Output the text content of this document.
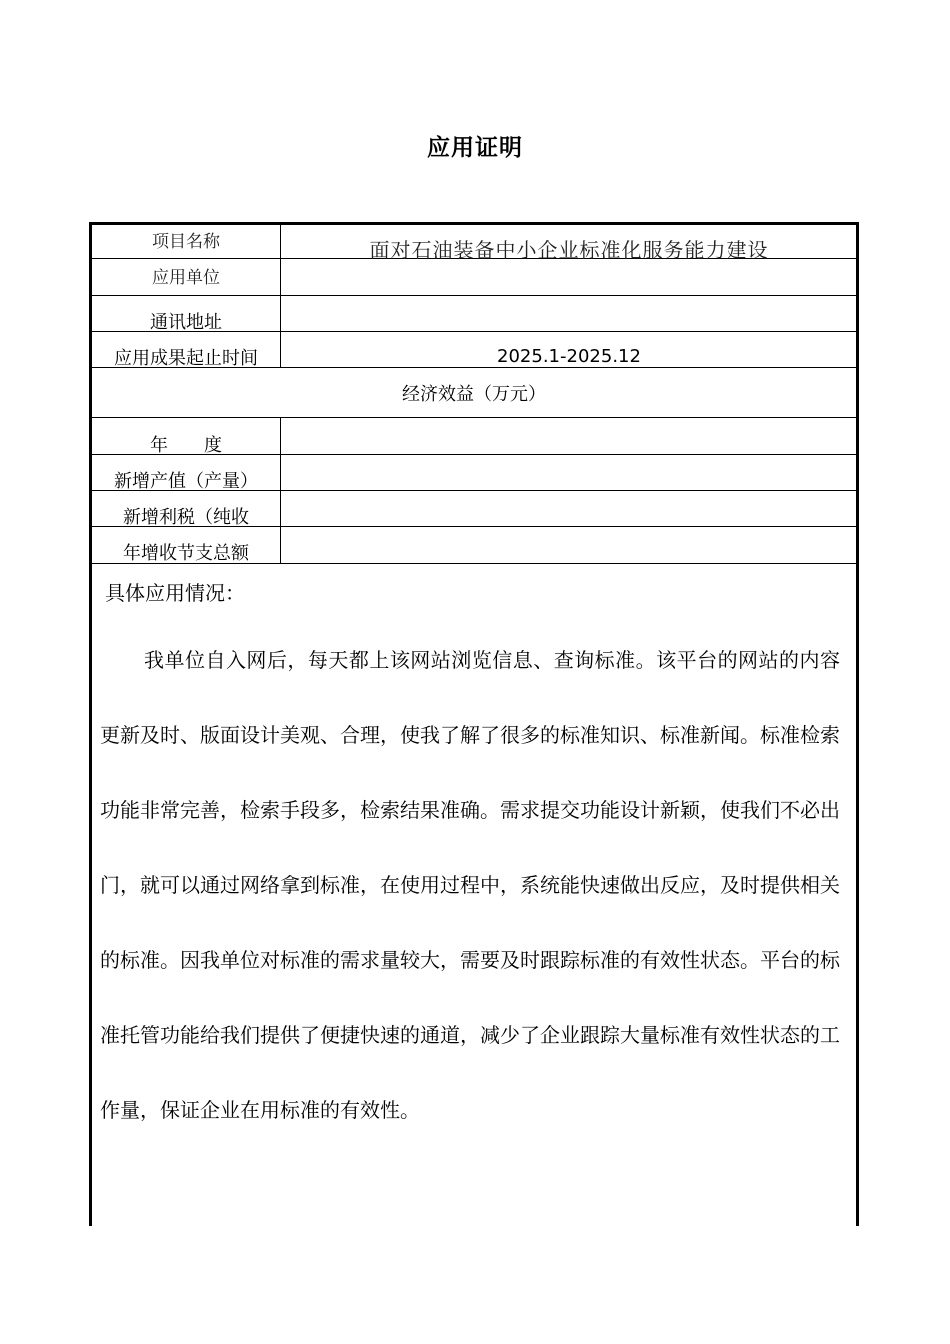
应用证明
项目名称	面对石油装备中小企业标准化服务能力建设
应用单位
通讯地址
应用成果起止时间	2025.1-2025.12
经济效益（万元）
年　　度
新增产值（产量）
新增利税（纯收
年增收节支总额
具体应用情况：

我单位自入网后，每天都上该网站浏览信息、查询标准。该平台的网站的内容更新及时、版面设计美观、合理，使我了解了很多的标准知识、标准新闻。标准检索功能非常完善，检索手段多，检索结果准确。需求提交功能设计新颖，使我们不必出门，就可以通过网络拿到标准，在使用过程中，系统能快速做出反应，及时提供相关的标准。因我单位对标准的需求量较大，需要及时跟踪标准的有效性状态。平台的标准托管功能给我们提供了便捷快速的通道，减少了企业跟踪大量标准有效性状态的工作量，保证企业在用标准的有效性。
